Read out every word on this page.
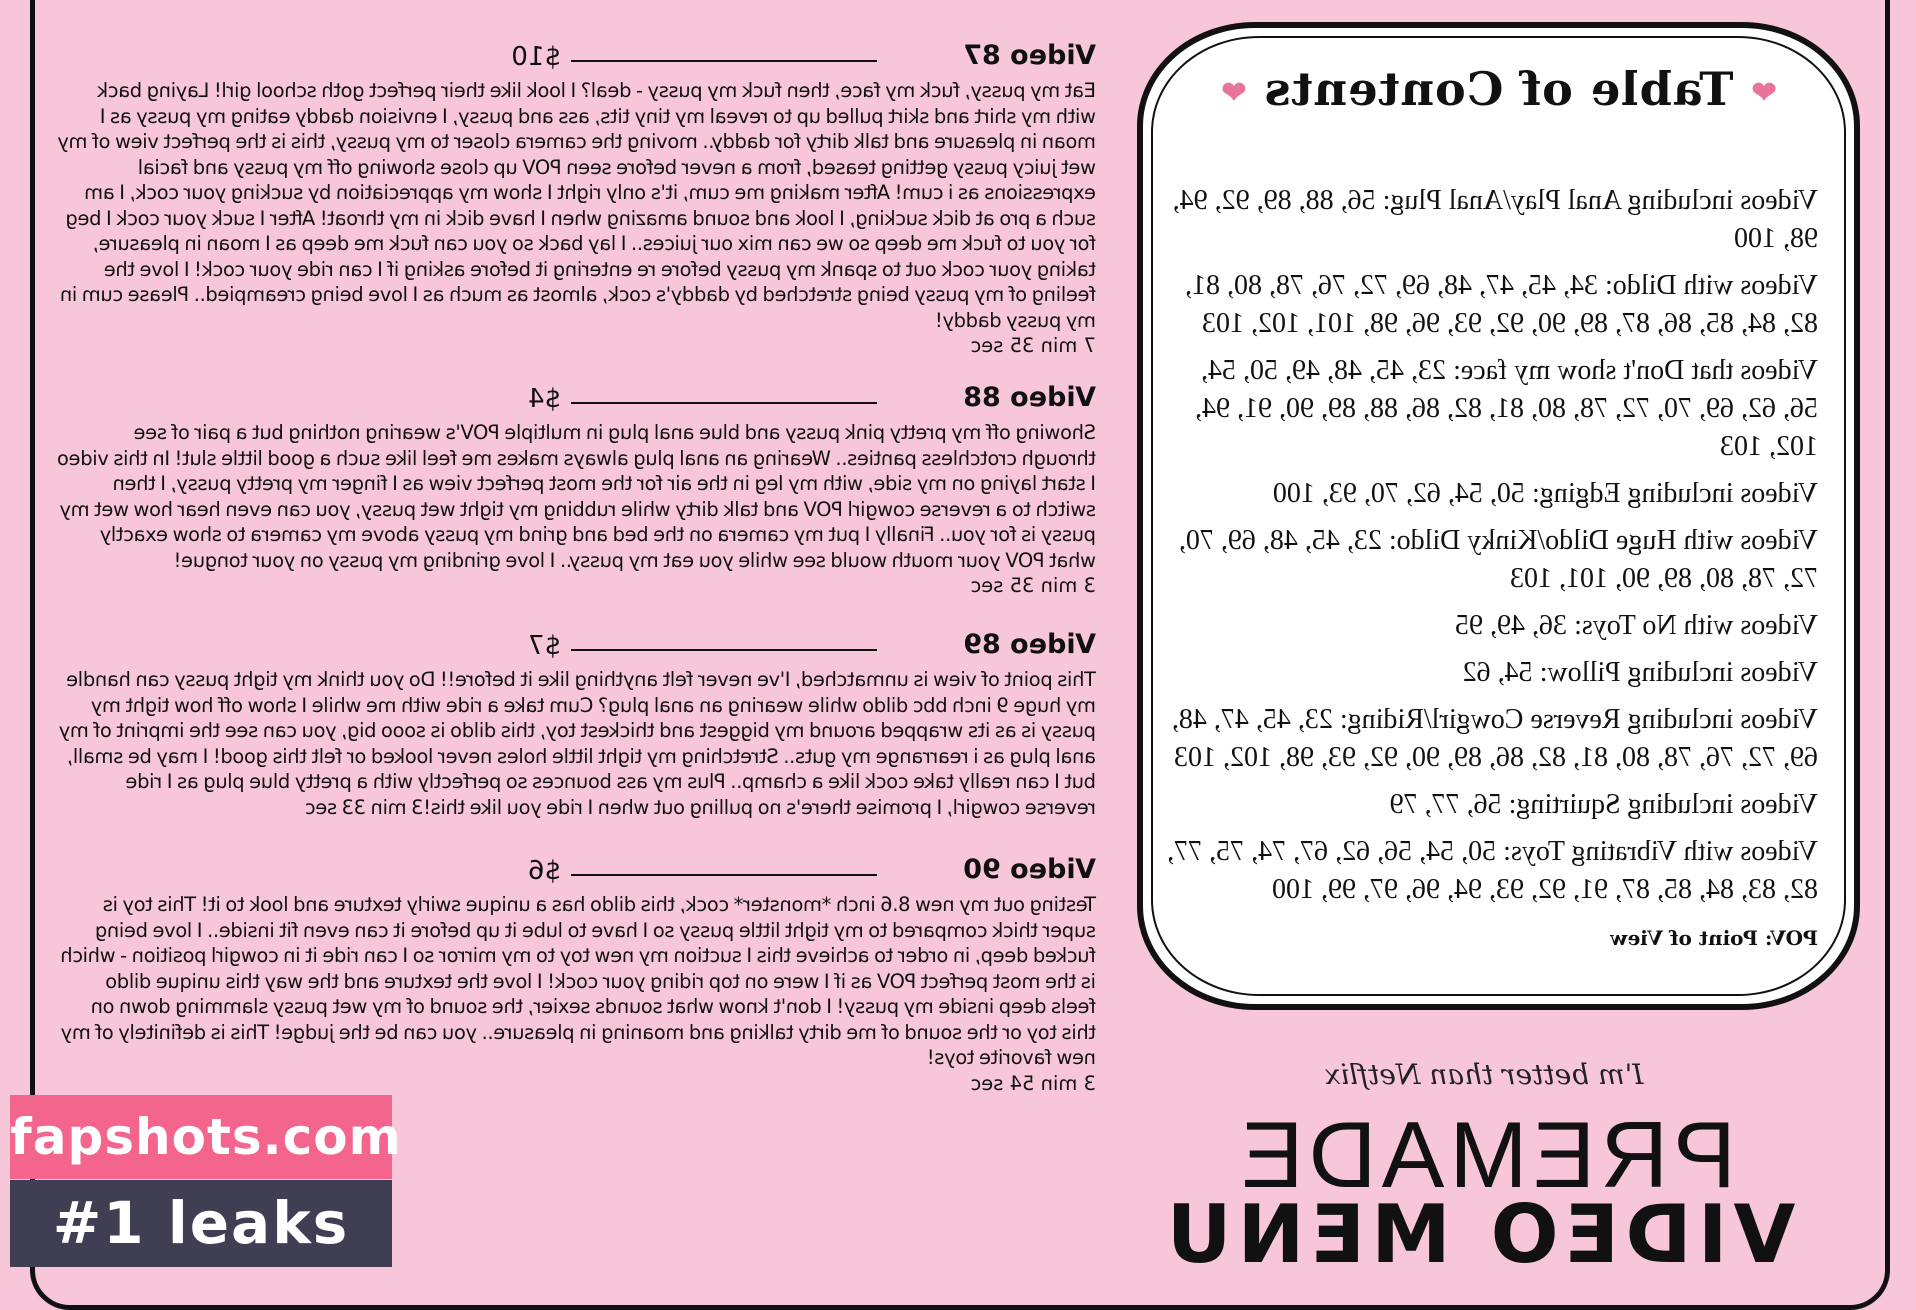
❤ Table of Contents ❤
Videos including Anal Play/Anal Plug: 56, 88, 89, 92, 94, 98, 100
Videos with Dildo: 34, 45, 47, 48, 69, 72, 76, 78, 80, 81, 82, 84, 85, 86, 87, 89, 90, 92, 93, 96, 98, 101, 102, 103
Videos that Don't show my face: 23, 45, 48, 49, 50, 54, 56, 62, 69, 70, 72, 78, 80, 81, 82, 86, 88, 89, 90, 91, 94, 102, 103
Videos including Edging: 50, 54, 62, 70, 93, 100
Videos with Huge Dildo/Kinky Dildo: 23, 45, 48, 69, 70, 72, 78, 80, 89, 90, 101, 103
Videos with No Toys: 36, 49, 95
Videos including Pillow: 54, 62
Videos including Reverse Cowgirl/Riding: 23, 45, 47, 48, 69, 72, 76, 78, 80, 81, 82, 86, 89, 90, 92, 93, 98, 102, 103
Videos including Squirting: 56, 77, 79
Videos with Vibrating Toys: 50, 54, 56, 62, 67, 74, 75, 77, 82, 83, 84, 85, 87, 91, 92, 93, 94, 96, 97, 99, 100
POV: Point of View
I'm better than Netflix
PREMADE
VIDEO MENU
Video 87
$10
Eat my pussy, fuck my face, then fuck my pussy - deal? I look like their perfect goth school girl! Laying back with my shirt and skirt pulled up to reveal my tiny tits, ass and pussy, I envision daddy eating my pussy as I moan in pleasure and talk dirty for daddy.. moving the camera closer to my pussy, this is the perfect view of my wet juicy pussy getting teased, from a never before seen POV up close showing off my pussy and facial expressions as i cum! After making me cum, it's only right I show my appreciation by sucking your cock, I am such a pro at dick sucking, I look and sound amazing when I have dick in my throat! After I suck your cock I beg for you to fuck me deep so we can mix our juices.. I lay back so you can fuck me deep as I moan in pleasure, taking your cock out to spank my pussy before re entering it before asking if I can ride your cock! I love the feeling of my pussy being stretched by daddy's cock, almost as much as I love being creampied.. Please cum in my pussy daddy!
7 min 35 sec
Video 88
$4
Showing off my pretty pink pussy and blue anal plug in multiple POV's wearing nothing but a pair of see through crotchless panties.. Wearing an anal plug always makes me feel like such a good little slut! In this video I start laying on my side, with my leg in the air for the most perfect view as I finger my pretty pussy, I then switch to a reverse cowgirl POV and talk dirty while rubbing my tight wet pussy, you can even hear how wet my pussy is for you.. Finally I put my camera on the bed and grind my pussy above my camera to show exactly what POV your mouth would see while you eat my pussy.. I love grinding my pussy on your tongue!
3 min 35 sec
Video 89
$7
This point of view is unmatched, I've never felt anything like it before!! Do you think my tight pussy can handle my huge 9 inch bbc dildo while wearing an anal plug? Cum take a ride with me while I show off how tight my pussy is as its wrapped around my biggest and thickest toy, this dildo is sooo big, you can see the imprint of my anal plug as i rearrange my guts.. Stretching my tight little holes never looked or felt this good! I may be small, but I can really take cock like a champ.. Plus my ass bounces so perfectly with a pretty blue plug as I ride reverse cowgirl, I promise there's no pulling out when I ride you like this!3 min 33 sec
Video 90
$6
Testing out my new 8.6 inch *monster* cock, this dildo has a unique swirly texture and look to it! This toy is super thick compared to my tight little pussy so I have to lube it up before it can even fit inside.. I love being fucked deep, in order to achieve this I suction my new toy to my mirror so I can ride it in cowgirl position - which is the most perfect POV as if I were on top riding your cock! I love the texture and the way this unique dildo feels deep inside my pussy! I don't know what sounds sexier, the sound of my wet pussy slamming down on this toy or the sound of me dirty talking and moaning in pleasure.. you can be the judge! This is definitely of my new favorite toys!
3 min 54 sec
fapshots.com
#1 leaks
